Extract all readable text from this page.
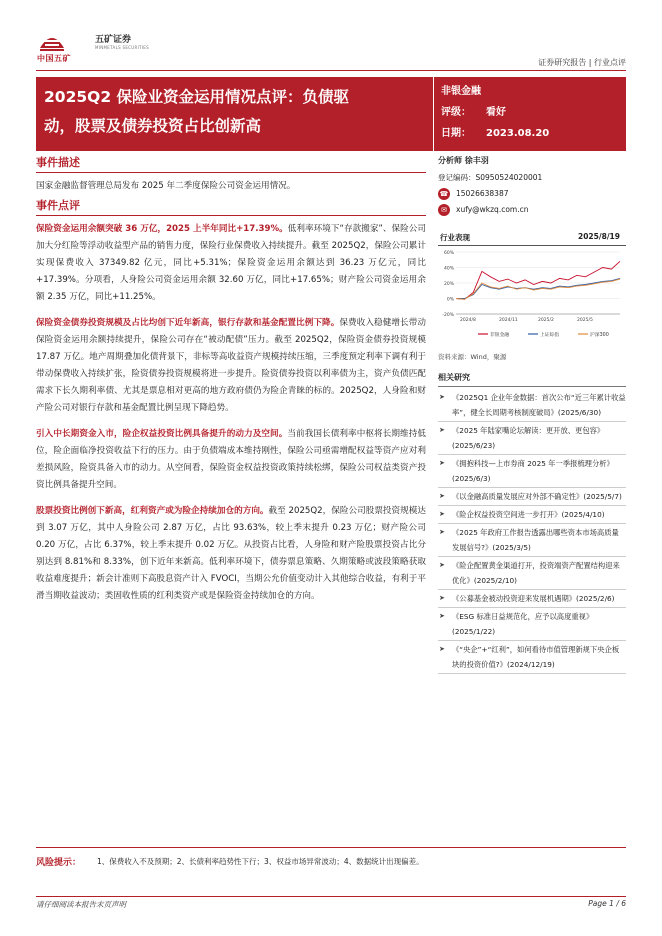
中国五矿
五矿证券
MINMETALS SECURITIES
证券研究报告 | 行业点评
2025Q2 保险业资金运用情况点评：负债驱
动，股票及债券投资占比创新高
非银金融
评级： 看好
日期： 2023.08.20
事件描述

国家金融监督管理总局发布 2025 年二季度保险公司资金运用情况。

事件点评

保险资金运用余额突破 36 万亿，2025 上半年同比+17.39%。低利率环境下“存款搬家”、保险公司加大分红险等浮动收益型产品的销售力度，保险行业保费收入持续提升。截至 2025Q2，保险公司累计实现保费收入 37349.82 亿元，同比+5.31%；保险资金运用余额达到 36.23 万亿元，同比+17.39%。分项看，人身险公司资金运用余额 32.60 万亿，同比+17.65%；财产险公司资金运用余额 2.35 万亿，同比+11.25%。

保险资金债券投资规模及占比均创下近年新高，银行存款和基金配置比例下降。保费收入稳健增长带动保险资金运用余额持续提升，保险公司存在“被动配债”压力。截至 2025Q2，保险资金债券投资规模 17.87 万亿。地产周期叠加化债背景下，非标等高收益资产规模持续压缩，三季度预定利率下调有利于带动保费收入持续扩张，险资债券投资规模将进一步提升。险资债券投资以利率债为主，资产负债匹配需求下长久期利率债、尤其是票息相对更高的地方政府债仍为险企青睐的标的。2025Q2，人身险和财产险公司对银行存款和基金配置比例呈现下降趋势。

引入中长期资金入市，险企权益投资比例具备提升的动力及空间。当前我国长债利率中枢将长期维持低位，险企面临净投资收益下行的压力。由于负债端成本维持刚性，保险公司亟需增配权益等资产应对利差损风险，险资具备入市的动力。从空间看，保险资金权益投资政策持续松绑，保险公司权益类资产投资比例具备提升空间。

股票投资比例创下新高，红利资产或为险企持续加仓的方向。截至 2025Q2，保险公司股票投资规模达到 3.07 万亿，其中人身险公司 2.87 万亿，占比 93.63%，较上季末提升 0.23 万亿；财产险公司 0.20 万亿，占比 6.37%，较上季末提升 0.02 万亿。从投资占比看，人身险和财产险股票投资占比分别达到 8.81%和 8.33%，创下近年来新高。低利率环境下，债券票息策略、久期策略或波段策略获取收益难度提升；新会计准则下高股息资产计入 FVOCI，当期公允价值变动计入其他综合收益，有利于平滑当期收益波动；类固收性质的红利类资产或是保险资金持续加仓的方向。

分析师 徐丰羽
登记编码：S0950524020001
☎ 15026638387
✉	xufy@wkzq.com.cn
行业表现	2025/8/19
60%
40%
20%
0%
-20%
2024/8	2024/11	2025/2	2025/5
非银金融	上证综指	沪深300
资料来源：Wind，聚源
相关研究
➤ 《2025Q1 企业年金数据：首次公布“近三年累计收益率”，健全长周期考核制度破局》(2025/6/30)
➤ 《2025 年陆家嘴论坛解读：更开放、更包容》(2025/6/23)
➤ 《拥抱科技—上市券商 2025 年一季报梳理分析》(2025/6/3)
➤ 《以金融高质量发展应对外部不确定性》(2025/5/7)
➤ 《险企权益投资空间进一步打开》(2025/4/10)
➤ 《2025 年政府工作报告透露出哪些资本市场高质量发展信号?》(2025/3/5)
➤ 《险企配置黄金渠道打开，投资端资产配置结构迎来优化》(2025/2/10)
➤ 《公募基金被动投资迎来发展机遇期》(2025/2/6)
➤ 《ESG 标准日益规范化，应予以高度重视》(2025/1/22)
➤ 《“央企”+“红利”，如何看待市值管理新规下央企板块的投资价值?》(2024/12/19)
风险提示： 1、保费收入不及预期；2、长债利率趋势性下行；3、权益市场异常波动；4、数据统计出现偏差。
请仔细阅读本报告末页声明	Page 1 / 6
